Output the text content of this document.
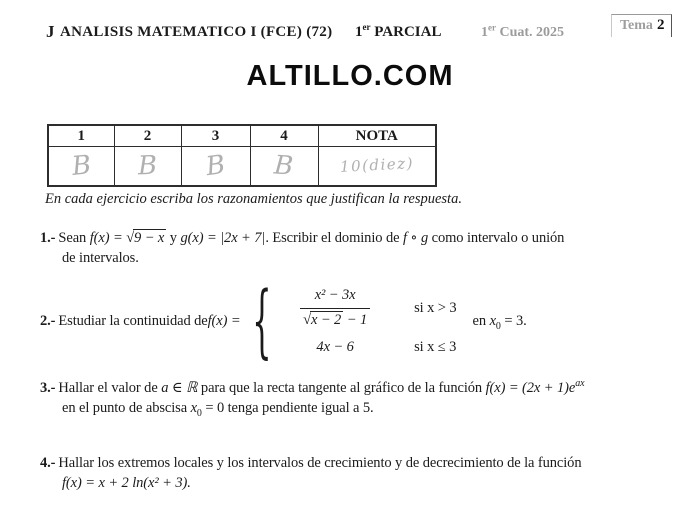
J ANALISIS MATEMATICO I (FCE) (72) 1er PARCIAL	1er Cuat. 2025	Tema 2
ALTILLO.COM
1	2	3	4	NOTA
B	B	B	B	10(diez)
En cada ejercicio escriba los razonamientos que justifican la respuesta.
1.- Sean f(x) = √9 − x y g(x) = |2x + 7|. Escribir el dominio de f ∘ g como intervalo o unión
de intervalos.
2.- Estudiar la continuidad de f(x) = { $\frac{\text{x² − 3x}}{√x - 2 - 1}$	si x > 3
4x − 6	si x ≤ 3
en $x_0 = 3$.
3.- Hallar el valor de a ∈ ℝ para que la recta tangente al gráfico de la función $f(x) = (2x + 1)e^{ax}$
en el punto de abscisa $x_0 = 0$ tenga pendiente igual a 5.
4.- Hallar los extremos locales y los intervalos de crecimiento y de decrecimiento de la función
f(x) = x + 2 ln(x² + 3).
